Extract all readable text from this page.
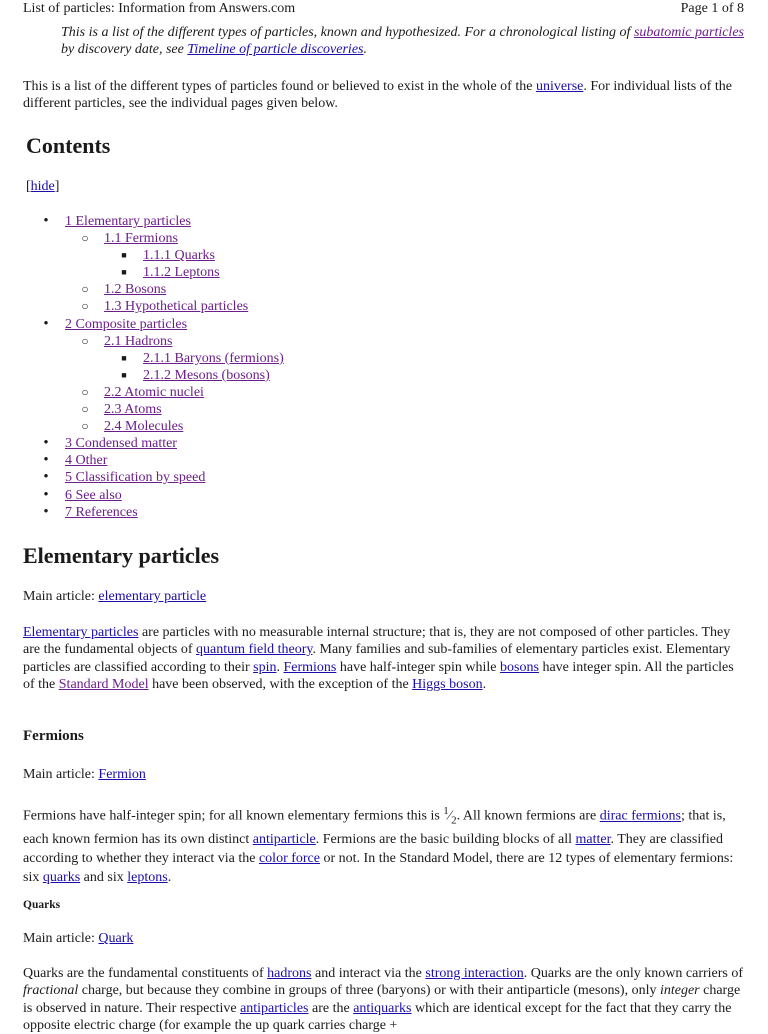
List of particles: Information from Answers.com	Page 1 of 8
This is a list of the different types of particles, known and hypothesized. For a chronological listing of subatomic particles by discovery date, see Timeline of particle discoveries.
This is a list of the different types of particles found or believed to exist in the whole of the universe. For individual lists of the different particles, see the individual pages given below.
Contents
[hide]
•	1 Elementary particles
○ 1.1 Fermions
■	1.1.1 Quarks
■	1.1.2 Leptons
○ 1.2 Bosons
○ 1.3 Hypothetical particles
•	2 Composite particles
○ 2.1 Hadrons
■	2.1.1 Baryons (fermions)
■	2.1.2 Mesons (bosons)
○ 2.2 Atomic nuclei
○ 2.3 Atoms
○ 2.4 Molecules
•	3 Condensed matter
•	4 Other
•	5 Classification by speed
•	6 See also
•	7 References
Elementary particles
Main article: elementary particle
Elementary particles are particles with no measurable internal structure; that is, they are not composed of other particles. They are the fundamental objects of quantum field theory. Many families and sub-families of elementary particles exist. Elementary particles are classified according to their spin. Fermions have half-integer spin while bosons have integer spin. All the particles of the Standard Model have been observed, with the exception of the Higgs boson.
Fermions
Main article: Fermion
Fermions have half-integer spin; for all known elementary fermions this is $^1⁄_2$. All known fermions are dirac fermions; that is, each known fermion has its own distinct antiparticle. Fermions are the basic building blocks of all matter. They are classified according to whether they interact via the color force or not. In the Standard Model, there are 12 types of elementary fermions: six quarks and six leptons.
Quarks
Main article: Quark
Quarks are the fundamental constituents of hadrons and interact via the strong interaction. Quarks are the only known carriers of fractional charge, but because they combine in groups of three (baryons) or with their antiparticle (mesons), only integer charge is observed in nature. Their respective antiparticles are the antiquarks which are identical except for the fact that they carry the opposite electric charge (for example the up quark carries charge +
